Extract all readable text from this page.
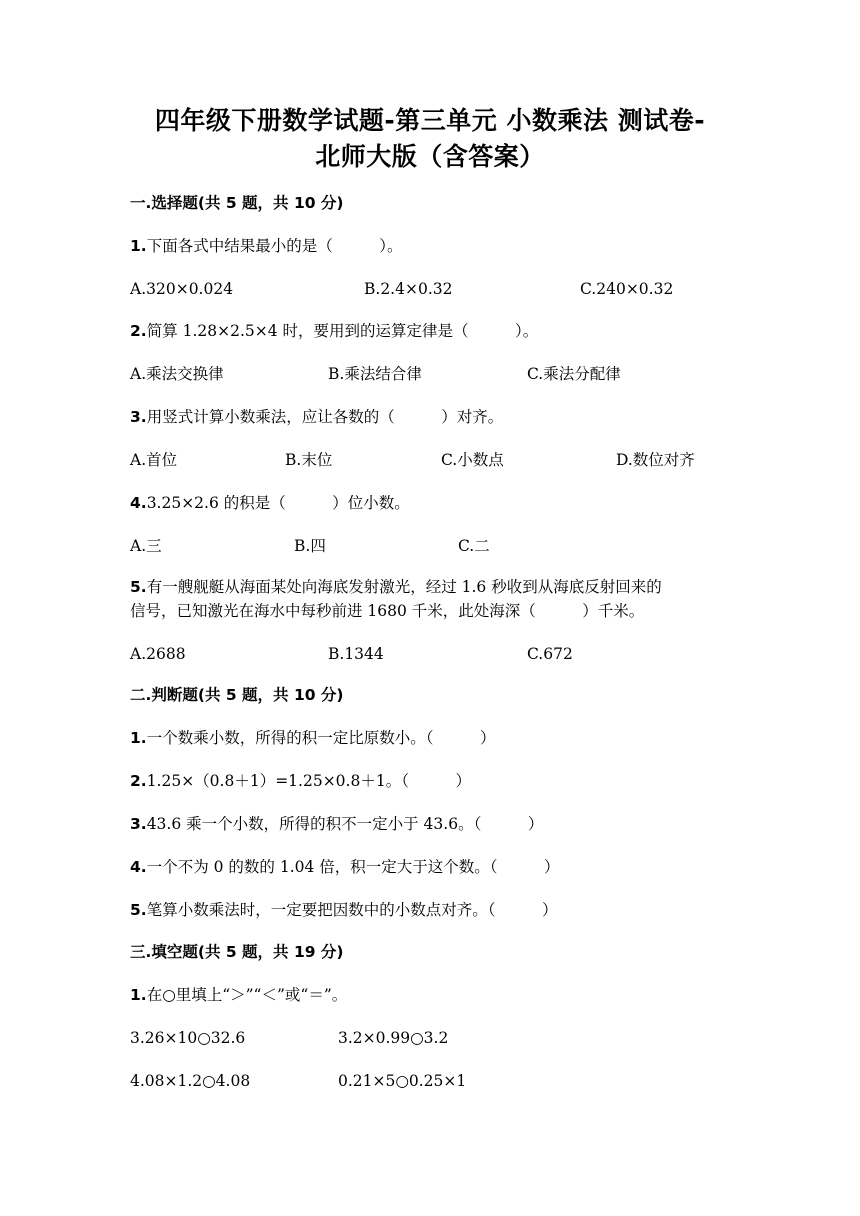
四年级下册数学试题-第三单元 小数乘法 测试卷-
北师大版（含答案）
一.选择题(共 5 题，共 10 分)
1.下面各式中结果最小的是（　　　）。
A.320×0.024	B.2.4×0.32	C.240×0.32
2.简算 1.28×2.5×4 时，要用到的运算定律是（　　　）。
A.乘法交换律	B.乘法结合律	C.乘法分配律
3.用竖式计算小数乘法，应让各数的（　　　）对齐。
A.首位	B.末位	C.小数点	D.数位对齐
4.3.25×2.6 的积是（　　　）位小数。
A.三	B.四	C.二
5.有一艘舰艇从海面某处向海底发射激光，经过 1.6 秒收到从海底反射回来的
信号，已知激光在海水中每秒前进 1680 千米，此处海深（　　　）千米。
A.2688	B.1344	C.672
二.判断题(共 5 题，共 10 分)
1.一个数乘小数，所得的积一定比原数小。（　　　）
2.1.25×（0.8＋1）=1.25×0.8＋1。（　　　）
3.43.6 乘一个小数，所得的积不一定小于 43.6。（　　　）
4.一个不为 0 的数的 1.04 倍，积一定大于这个数。（　　　）
5.笔算小数乘法时，一定要把因数中的小数点对齐。（　　　）
三.填空题(共 5 题，共 19 分)
1.在○里填上“＞”“＜”或“＝”。
3.26×10○32.6	3.2×0.99○3.2
4.08×1.2○4.08	0.21×5○0.25×1
